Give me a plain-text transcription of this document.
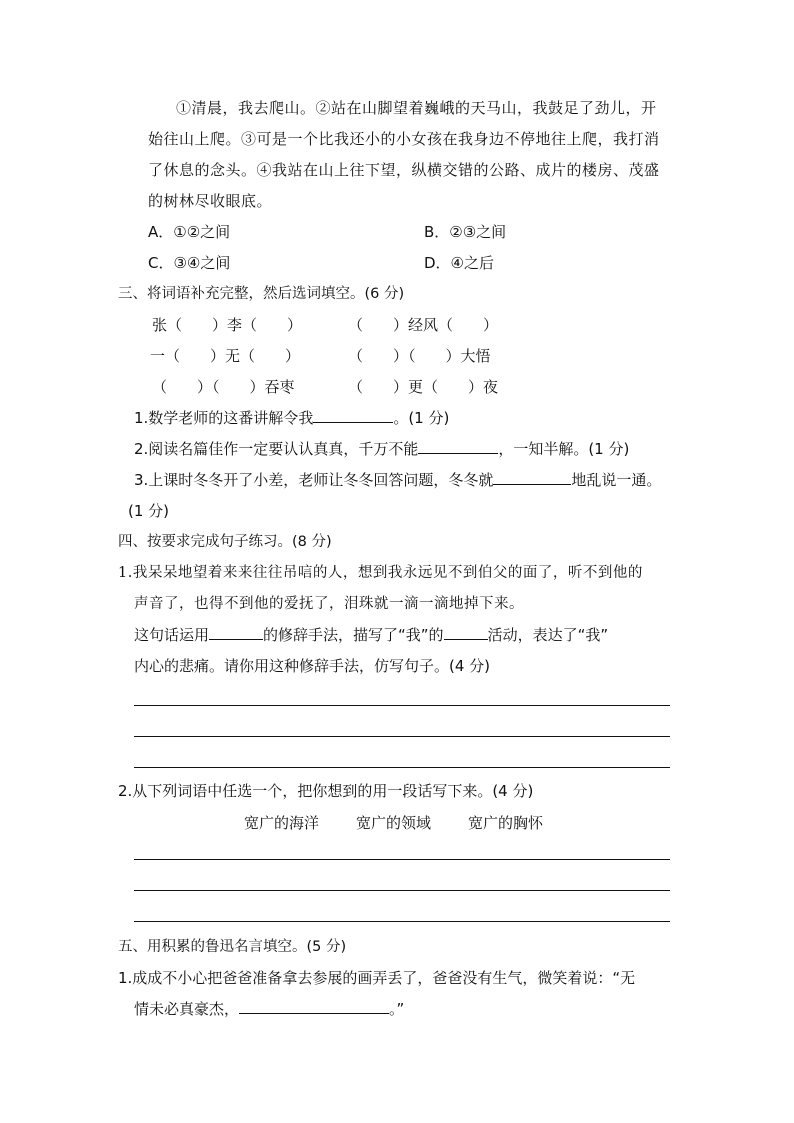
①清晨，我去爬山。②站在山脚望着巍峨的天马山，我鼓足了劲儿，开
始往山上爬。③可是一个比我还小的小女孩在我身边不停地往上爬，我打消
了休息的念头。④我站在山上往下望，纵横交错的公路、成片的楼房、茂盛
的树林尽收眼底。
A．①②之间	B．②③之间
C．③④之间	D．④之后
三、将词语补充完整，然后选词填空。(6 分)
张（　　）李（　　）	（　　）经风（　　）
一（　　）无（　　）	（　　）（　　）大悟
（　　）（　　）吞枣	（　　）更（　　）夜
1.数学老师的这番讲解令我	。(1 分)
2.阅读名篇佳作一定要认认真真，千万不能	，一知半解。(1 分)
3.上课时冬冬开了小差，老师让冬冬回答问题，冬冬就	地乱说一通。
(1 分)
四、按要求完成句子练习。(8 分)
1.我呆呆地望着来来往往吊唁的人，想到我永远见不到伯父的面了，听不到他的
声音了，也得不到他的爱抚了，泪珠就一滴一滴地掉下来。
这句话运用	的修辞手法，描写了“我”的	活动，表达了“我”
内心的悲痛。请你用这种修辞手法，仿写句子。(4 分)
2.从下列词语中任选一个，把你想到的用一段话写下来。(4 分)
宽广的海洋 宽广的领域 宽广的胸怀
五、用积累的鲁迅名言填空。(5 分)
1.成成不小心把爸爸准备拿去参展的画弄丢了，爸爸没有生气，微笑着说：“无
情未必真豪杰，	。”
